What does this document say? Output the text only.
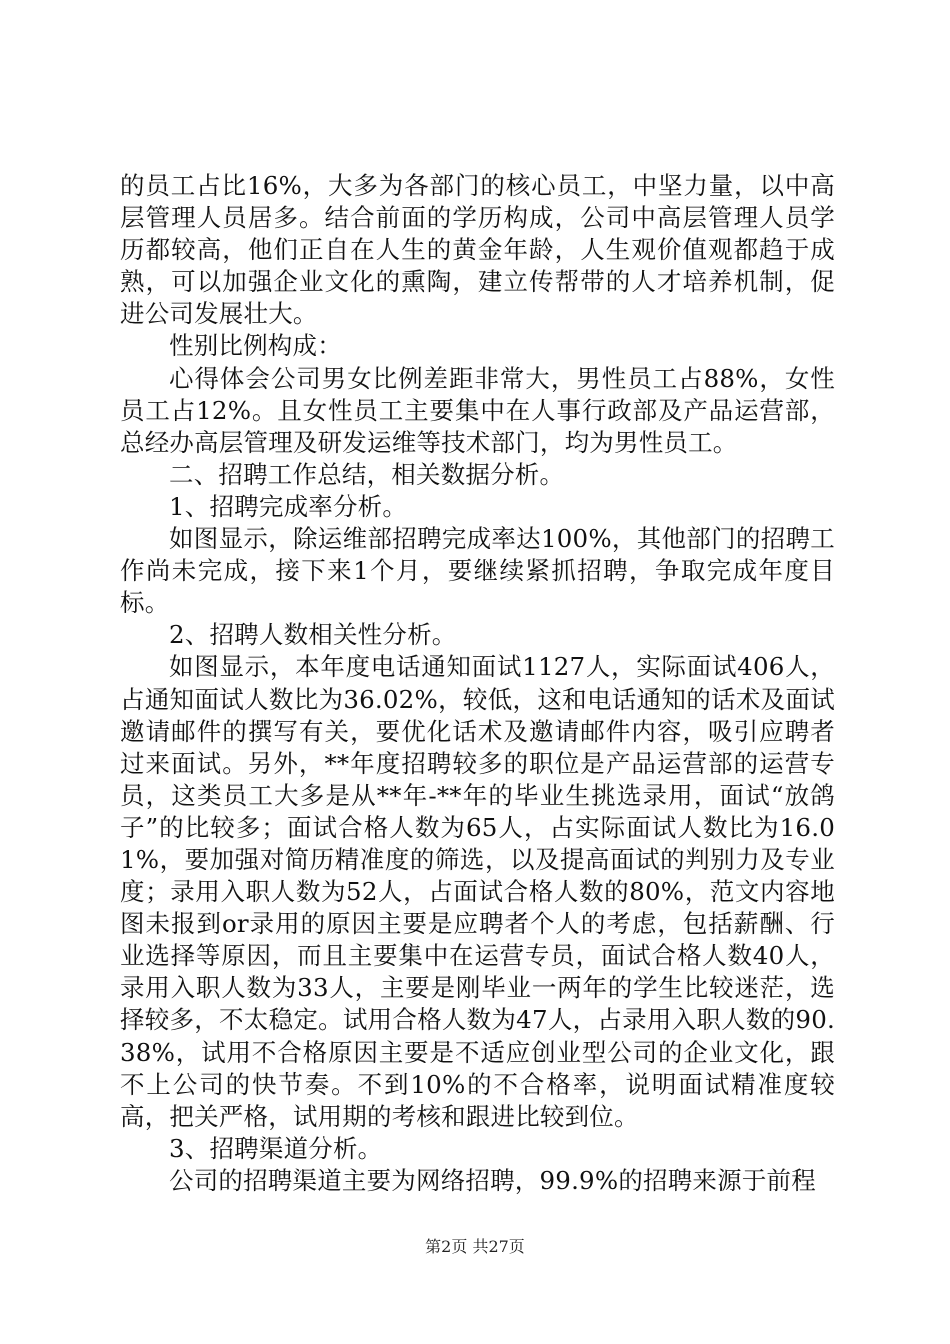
的员工占比16%，大多为各部门的核心员工，中坚力量，以中高层管理人员居多。结合前面的学历构成，公司中高层管理人员学历都较高，他们正自在人生的黄金年龄，人生观价值观都趋于成熟，可以加强企业文化的熏陶，建立传帮带的人才培养机制，促进公司发展壮大。

性别比例构成：

心得体会公司男女比例差距非常大，男性员工占88%，女性员工占12%。且女性员工主要集中在人事行政部及产品运营部，总经办高层管理及研发运维等技术部门，均为男性员工。

二、招聘工作总结，相关数据分析。

1、招聘完成率分析。

如图显示，除运维部招聘完成率达100%，其他部门的招聘工作尚未完成，接下来1个月，要继续紧抓招聘，争取完成年度目标。

2、招聘人数相关性分析。

如图显示，本年度电话通知面试1127人，实际面试406人，占通知面试人数比为36.02%，较低，这和电话通知的话术及面试邀请邮件的撰写有关，要优化话术及邀请邮件内容，吸引应聘者过来面试。另外，**年度招聘较多的职位是产品运营部的运营专员，这类员工大多是从**年-**年的毕业生挑选录用，面试“放鸽子”的比较多；面试合格人数为65人，占实际面试人数比为16.01%，要加强对简历精准度的筛选，以及提高面试的判别力及专业度；录用入职人数为52人，占面试合格人数的80%，范文内容地图未报到or录用的原因主要是应聘者个人的考虑，包括薪酬、行业选择等原因，而且主要集中在运营专员，面试合格人数40人，录用入职人数为33人，主要是刚毕业一两年的学生比较迷茫，选择较多，不太稳定。试用合格人数为47人，占录用入职人数的90.38%，试用不合格原因主要是不适应创业型公司的企业文化，跟不上公司的快节奏。不到10%的不合格率，说明面试精准度较高，把关严格，试用期的考核和跟进比较到位。

3、招聘渠道分析。

公司的招聘渠道主要为网络招聘，99.9%的招聘来源于前程

第2页 共27页
